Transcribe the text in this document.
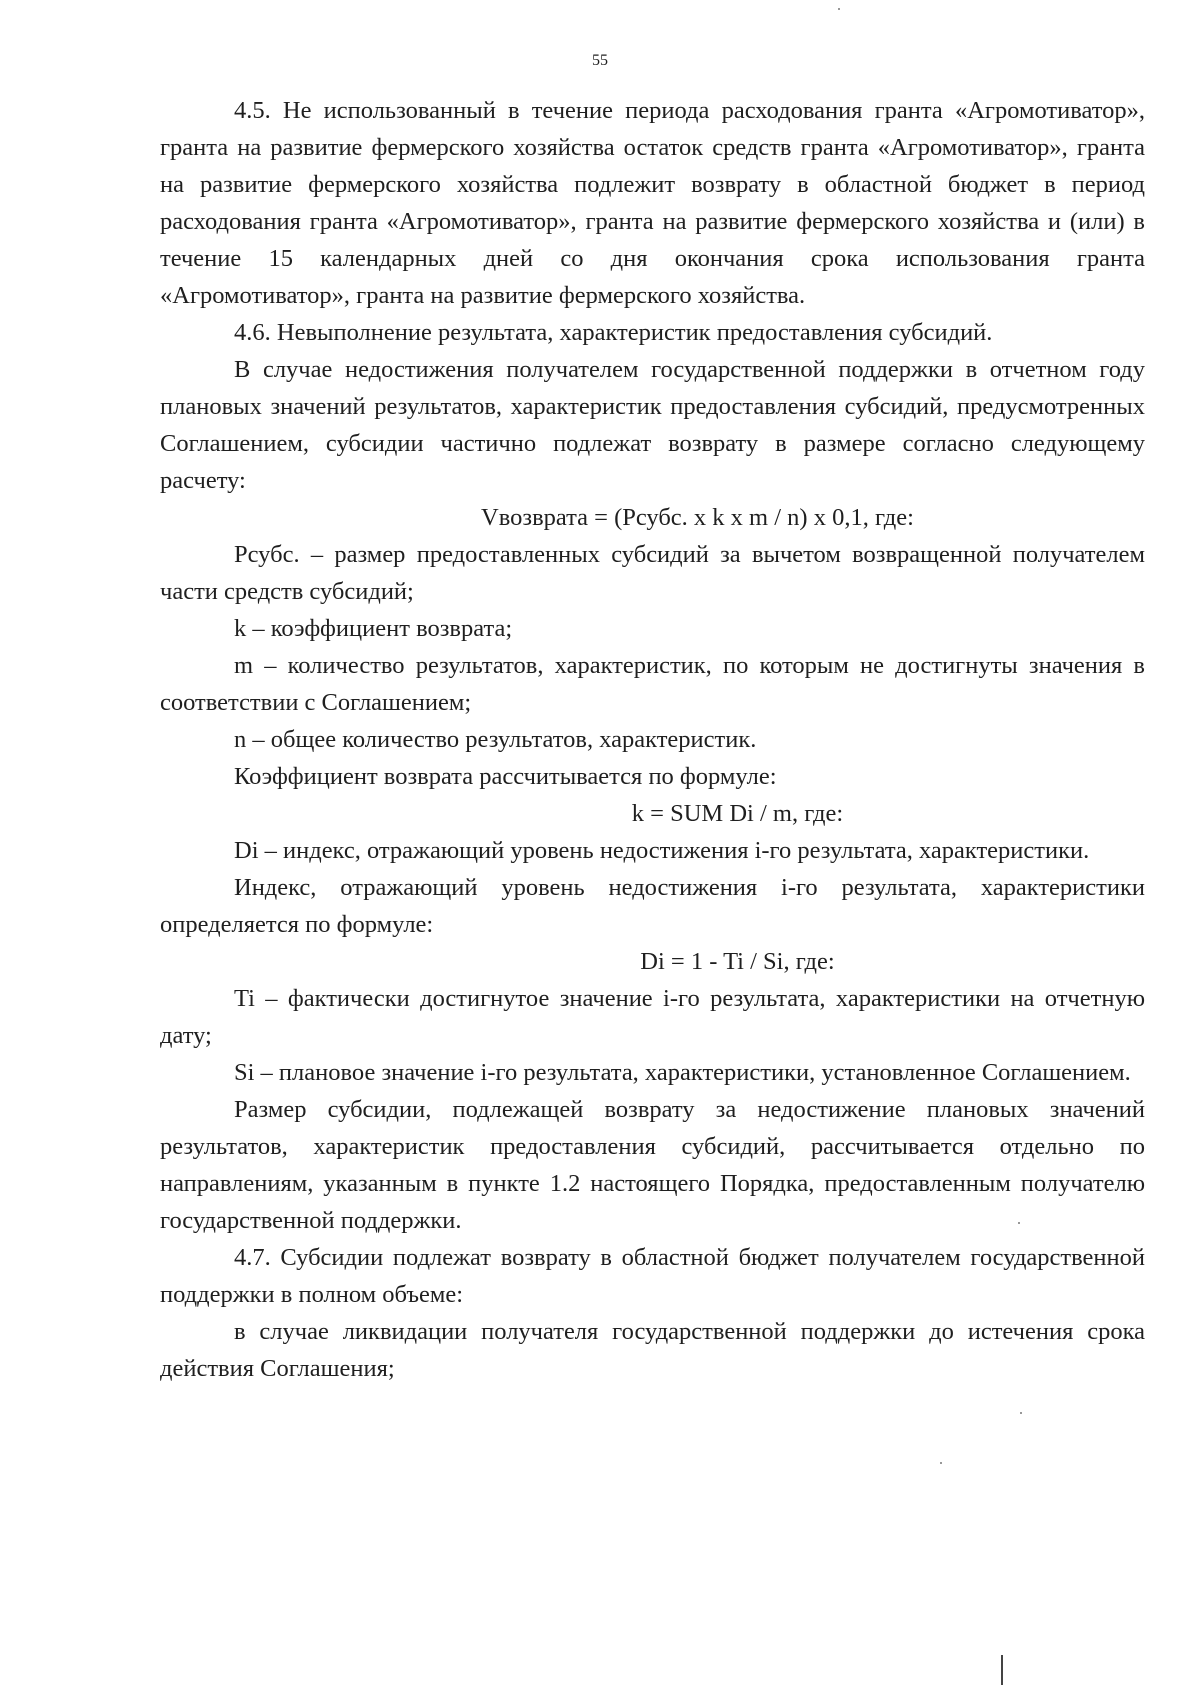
55

4.5. Не использованный в течение периода расходования гранта «Агромотиватор», гранта на развитие фермерского хозяйства остаток средств гранта «Агромотиватор», гранта на развитие фермерского хозяйства подлежит возврату в областной бюджет в период расходования гранта «Агромотиватор», гранта на развитие фермерского хозяйства и (или) в течение 15 календарных дней со дня окончания срока использования гранта «Агромотиватор», гранта на развитие фермерского хозяйства.

4.6. Невыполнение результата, характеристик предоставления субсидий.

В случае недостижения получателем государственной поддержки в отчетном году плановых значений результатов, характеристик предоставления субсидий, предусмотренных Соглашением, субсидии частично подлежат возврату в размере согласно следующему расчету:

Vвозврата = (Рсубс. х k х m / n) х 0,1, где:

Рсубс. – размер предоставленных субсидий за вычетом возвращенной получателем части средств субсидий;

k – коэффициент возврата;

m – количество результатов, характеристик, по которым не достигнуты значения в соответствии с Соглашением;

n – общее количество результатов, характеристик.

Коэффициент возврата рассчитывается по формуле:

k = SUM Di / m, где:

Di – индекс, отражающий уровень недостижения i-го результата, характеристики.

Индекс, отражающий уровень недостижения i-го результата, характеристики определяется по формуле:

Di = 1 - Ti / Si, где:

Ti – фактически достигнутое значение i-го результата, характеристики на отчетную дату;

Si – плановое значение i-го результата, характеристики, установленное Соглашением.

Размер субсидии, подлежащей возврату за недостижение плановых значений результатов, характеристик предоставления субсидий, рассчитывается отдельно по направлениям, указанным в пункте 1.2 настоящего Порядка, предоставленным получателю государственной поддержки.

4.7. Субсидии подлежат возврату в областной бюджет получателем государственной поддержки в полном объеме:

в случае ликвидации получателя государственной поддержки до истечения срока действия Соглашения;
